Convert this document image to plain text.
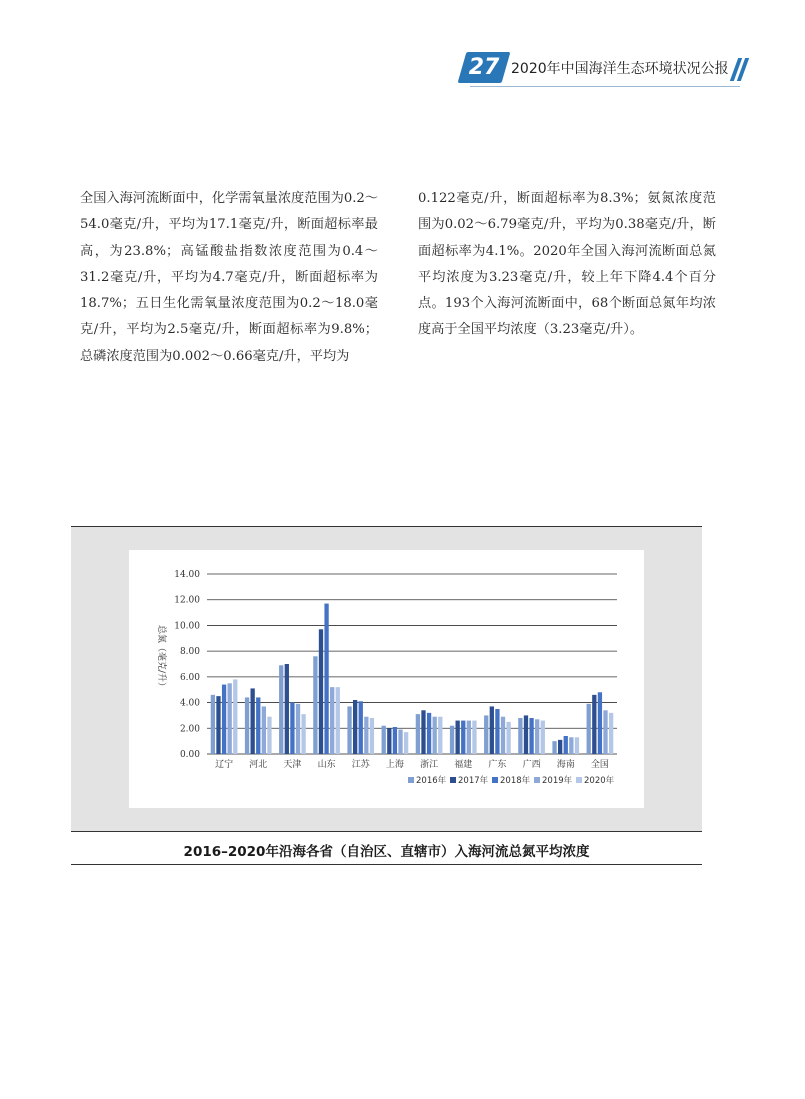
27 2020年中国海洋生态环境状况公报
全国入海河流断面中，化学需氧量浓度范围为0.2～54.0毫克/升，平均为17.1毫克/升，断面超标率最高，为23.8%；高锰酸盐指数浓度范围为0.4～31.2毫克/升，平均为4.7毫克/升，断面超标率为18.7%；五日生化需氧量浓度范围为0.2～18.0毫克/升，平均为2.5毫克/升，断面超标率为9.8%；总磷浓度范围为0.002～0.66毫克/升，平均为
0.122毫克/升，断面超标率为8.3%；氨氮浓度范围为0.02～6.79毫克/升，平均为0.38毫克/升，断面超标率为4.1%。2020年全国入海河流断面总氮平均浓度为3.23毫克/升，较上年下降4.4个百分点。193个入海河流断面中，68个断面总氮年均浓度高于全国平均浓度（3.23毫克/升）。
0.00
2.00
4.00
6.00
8.00
10.00
12.00
14.00
辽宁 河北 天津 山东 江苏 上海 浙江 福建 广东 广西 海南 全国
总氮（毫克/升）
2016年 2017年 2018年 2019年 2020年
2016–2020年沿海各省（自治区、直辖市）入海河流总氮平均浓度
